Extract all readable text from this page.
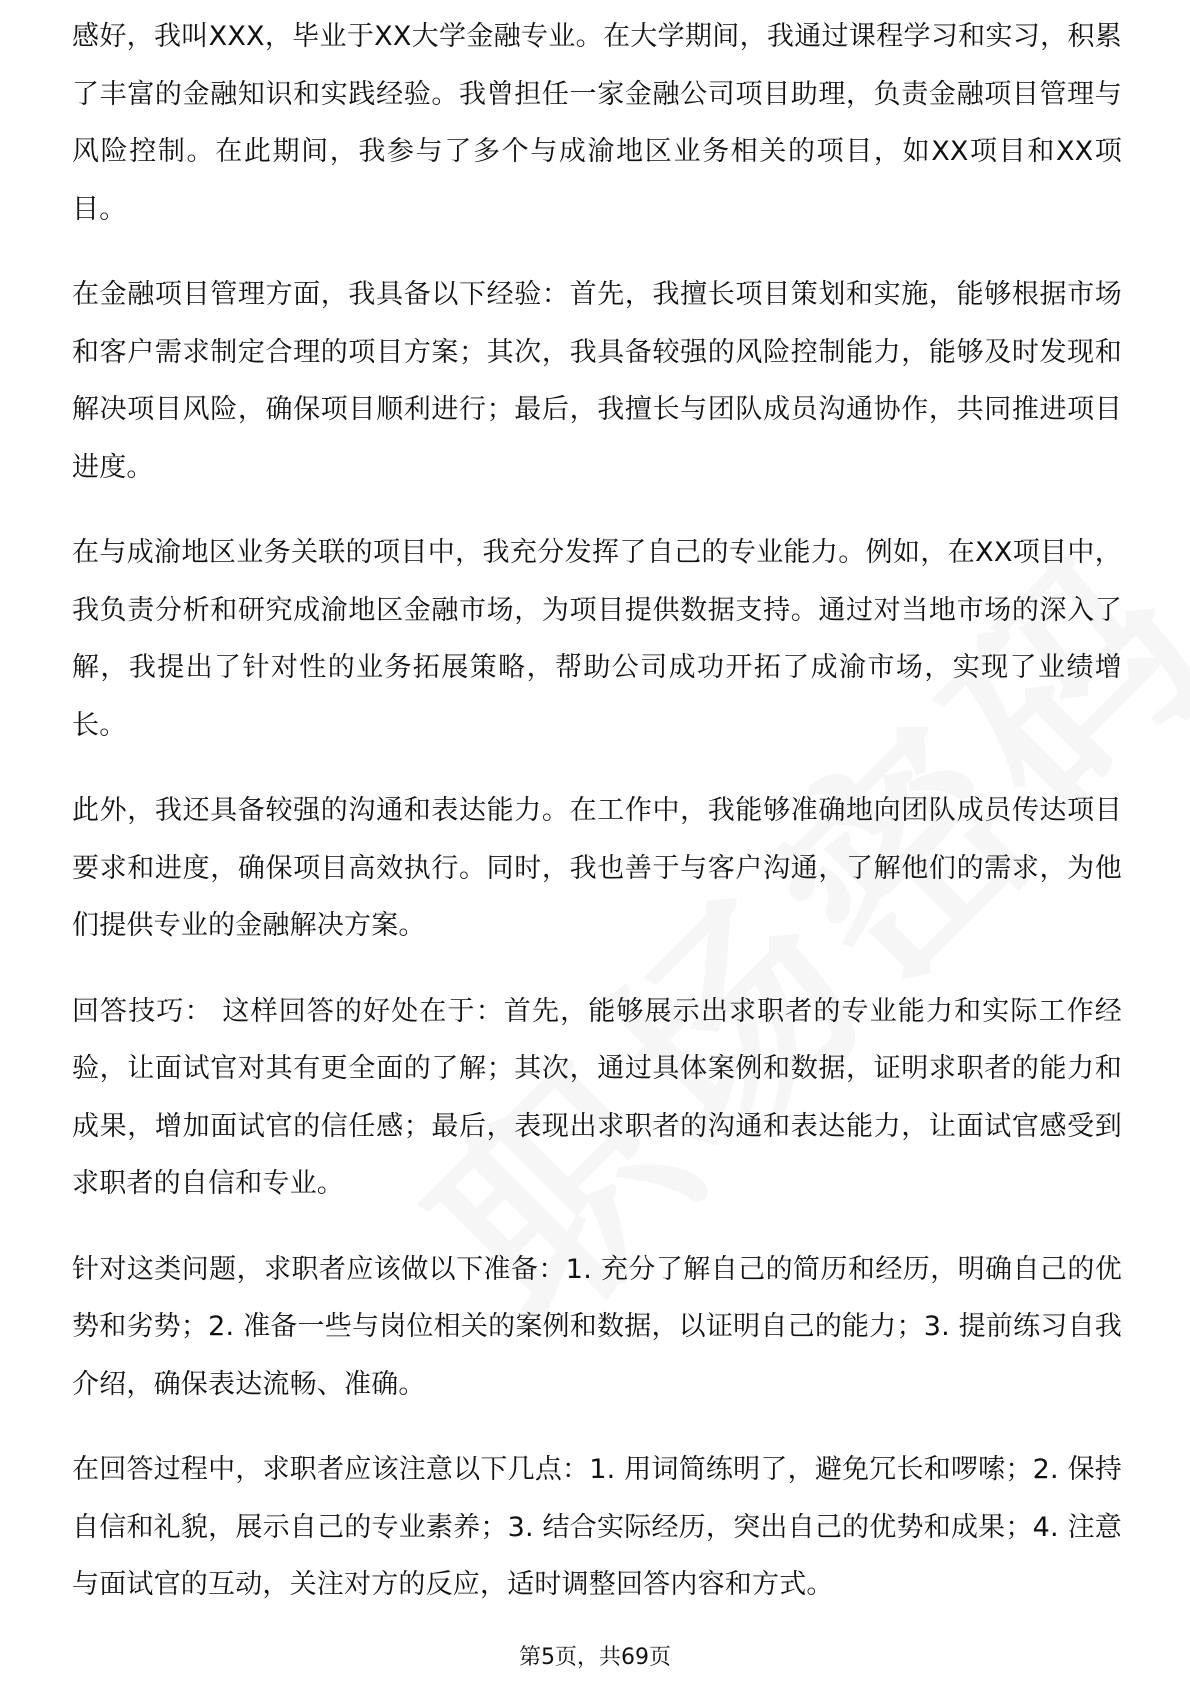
感好，我叫XXX，毕业于XX大学金融专业。在大学期间，我通过课程学习和实习，积累了丰富的金融知识和实践经验。我曾担任一家金融公司项目助理，负责金融项目管理与风险控制。在此期间，我参与了多个与成渝地区业务相关的项目，如XX项目和XX项目。

在金融项目管理方面，我具备以下经验：首先，我擅长项目策划和实施，能够根据市场和客户需求制定合理的项目方案；其次，我具备较强的风险控制能力，能够及时发现和解决项目风险，确保项目顺利进行；最后，我擅长与团队成员沟通协作，共同推进项目进度。

在与成渝地区业务关联的项目中，我充分发挥了自己的专业能力。例如，在XX项目中，我负责分析和研究成渝地区金融市场，为项目提供数据支持。通过对当地市场的深入了解，我提出了针对性的业务拓展策略，帮助公司成功开拓了成渝市场，实现了业绩增长。

此外，我还具备较强的沟通和表达能力。在工作中，我能够准确地向团队成员传达项目要求和进度，确保项目高效执行。同时，我也善于与客户沟通，了解他们的需求，为他们提供专业的金融解决方案。

回答技巧： 这样回答的好处在于：首先，能够展示出求职者的专业能力和实际工作经验，让面试官对其有更全面的了解；其次，通过具体案例和数据，证明求职者的能力和成果，增加面试官的信任感；最后，表现出求职者的沟通和表达能力，让面试官感受到求职者的自信和专业。

针对这类问题，求职者应该做以下准备：1. 充分了解自己的简历和经历，明确自己的优势和劣势；2. 准备一些与岗位相关的案例和数据，以证明自己的能力；3. 提前练习自我介绍，确保表达流畅、准确。

在回答过程中，求职者应该注意以下几点：1. 用词简练明了，避免冗长和啰嗦；2. 保持自信和礼貌，展示自己的专业素养；3. 结合实际经历，突出自己的优势和成果；4. 注意与面试官的互动，关注对方的反应，适时调整回答内容和方式。

第5页，共69页
